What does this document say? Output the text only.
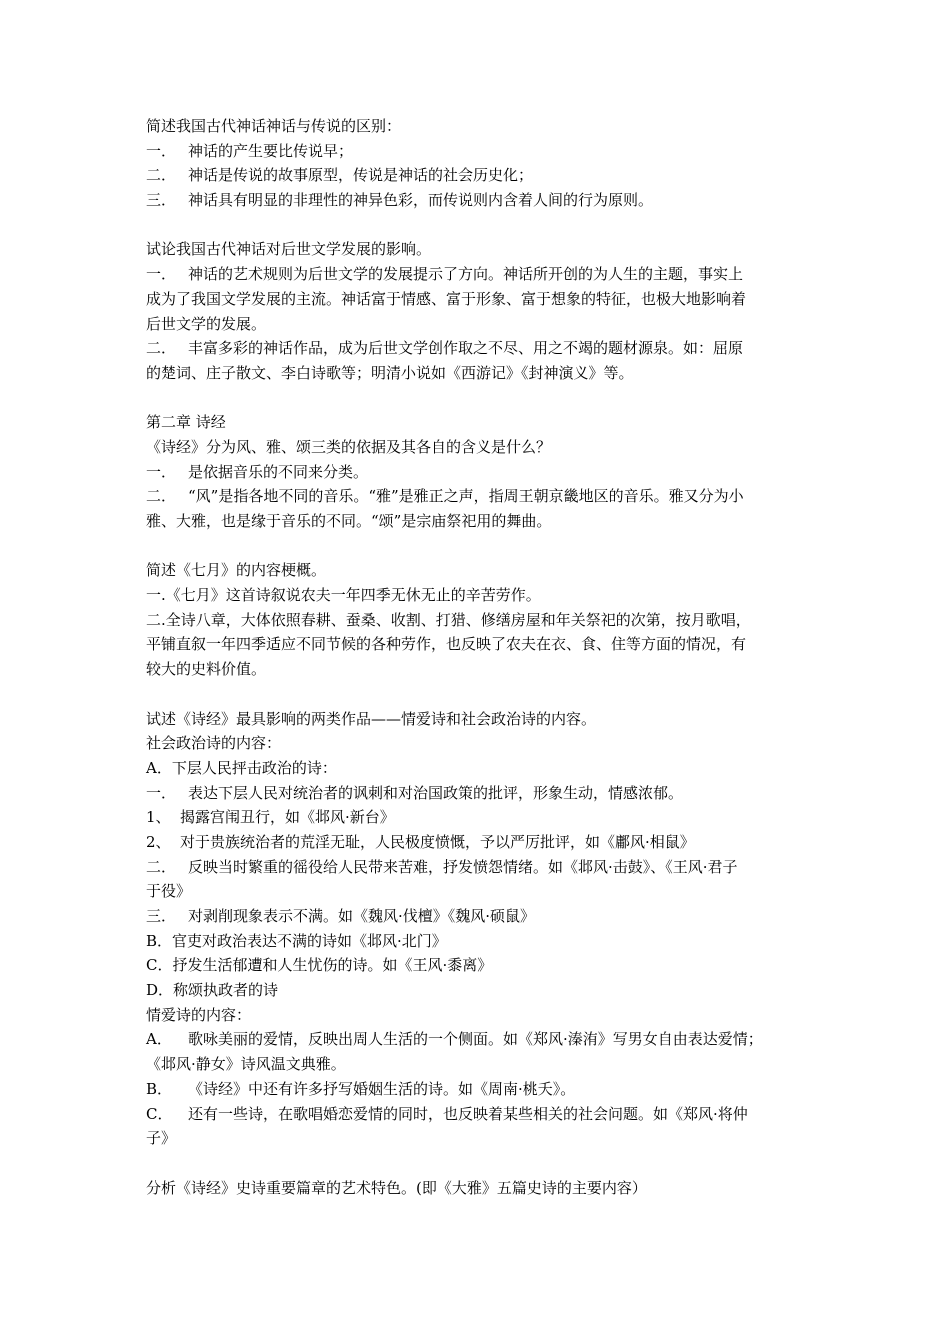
简述我国古代神话神话与传说的区别：
一． 神话的产生要比传说早；
二． 神话是传说的故事原型，传说是神话的社会历史化；
三． 神话具有明显的非理性的神异色彩，而传说则内含着人间的行为原则。
试论我国古代神话对后世文学发展的影响。
一． 神话的艺术规则为后世文学的发展提示了方向。神话所开创的为人生的主题，事实上
成为了我国文学发展的主流。神话富于情感、富于形象、富于想象的特征，也极大地影响着
后世文学的发展。
二． 丰富多彩的神话作品，成为后世文学创作取之不尽、用之不竭的题材源泉。如：屈原
的楚词、庄子散文、李白诗歌等；明清小说如《西游记》《封神演义》等。
第二章 诗经
《诗经》分为风、雅、颂三类的依据及其各自的含义是什么？
一． 是依据音乐的不同来分类。
二． “风”是指各地不同的音乐。“雅”是雅正之声，指周王朝京畿地区的音乐。雅又分为小
雅、大雅，也是缘于音乐的不同。“颂”是宗庙祭祀用的舞曲。
简述《七月》的内容梗概。
一.《七月》这首诗叙说农夫一年四季无休无止的辛苦劳作。
二.全诗八章，大体依照春耕、蚕桑、收割、打猎、修缮房屋和年关祭祀的次第，按月歌唱，
平铺直叙一年四季适应不同节候的各种劳作，也反映了农夫在衣、食、住等方面的情况，有
较大的史料价值。
试述《诗经》最具影响的两类作品——情爱诗和社会政治诗的内容。
社会政治诗的内容：
A．下层人民抨击政治的诗：
一． 表达下层人民对统治者的讽刺和对治国政策的批评，形象生动，情感浓郁。
1、 揭露宫闱丑行，如《邶风·新台》
2、 对于贵族统治者的荒淫无耻，人民极度愤慨，予以严厉批评，如《鄘风·相鼠》
二． 反映当时繁重的徭役给人民带来苦难，抒发愤怨情绪。如《邶风·击鼓》、《王风·君子
于役》
三． 对剥削现象表示不满。如《魏风·伐檀》《魏风·硕鼠》
B．官吏对政治表达不满的诗如《邶风·北门》
C．抒发生活郁遭和人生忧伤的诗。如《王风·黍离》
D．称颂执政者的诗
情爱诗的内容：
A． 歌咏美丽的爱情，反映出周人生活的一个侧面。如《郑风·溱洧》写男女自由表达爱情；
《邶风·静女》诗风温文典雅。
B． 《诗经》中还有许多抒写婚姻生活的诗。如《周南·桃夭》。
C． 还有一些诗，在歌唱婚恋爱情的同时，也反映着某些相关的社会问题。如《郑风·将仲
子》
分析《诗经》史诗重要篇章的艺术特色。(即《大雅》五篇史诗的主要内容）
